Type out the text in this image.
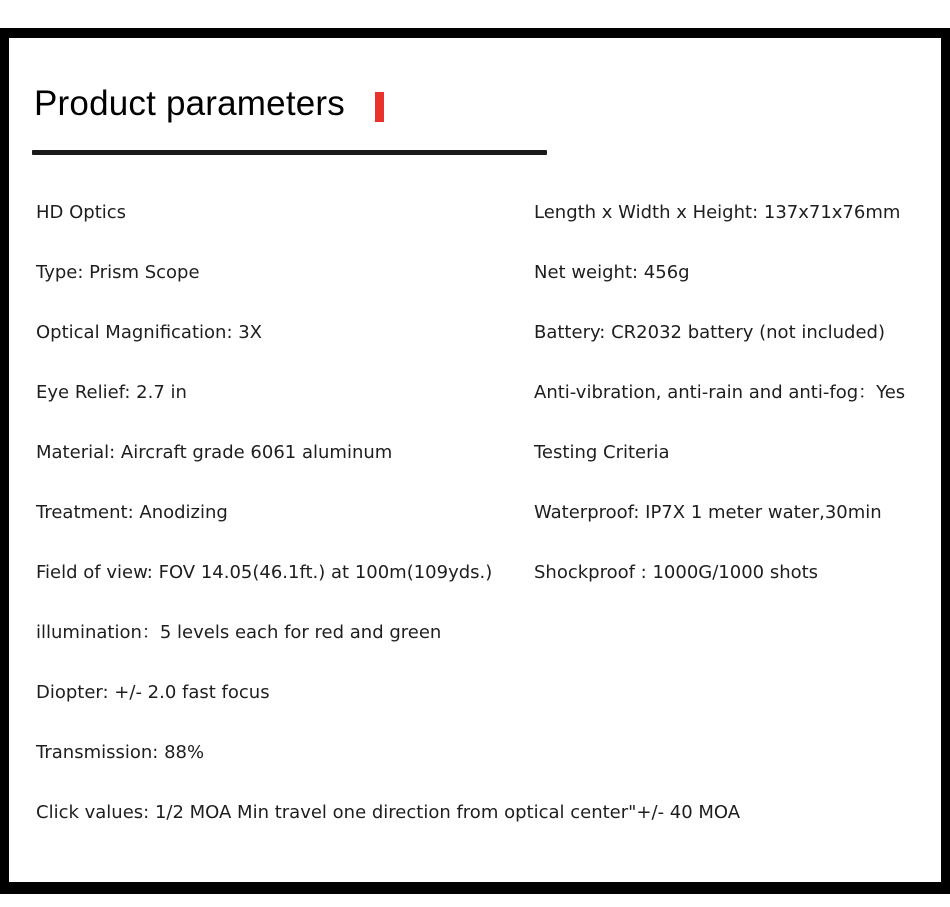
Product parameters
HD Optics
Type: Prism Scope
Optical Magnification: 3X
Eye Relief: 2.7 in
Material: Aircraft grade 6061 aluminum
Treatment: Anodizing
Field of view: FOV 14.05(46.1ft.) at 100m(109yds.)
illumination：5 levels each for red and green
Diopter: +/- 2.0 fast focus
Transmission: 88%
Click values: 1/2 MOA Min travel one direction from optical center"+/- 40 MOA
Length x Width x Height: 137x71x76mm
Net weight: 456g
Battery: CR2032 battery (not included)
Anti-vibration, anti-rain and anti-fog：Yes
Testing Criteria
Waterproof: IP7X 1 meter water,30min
Shockproof : 1000G/1000 shots
